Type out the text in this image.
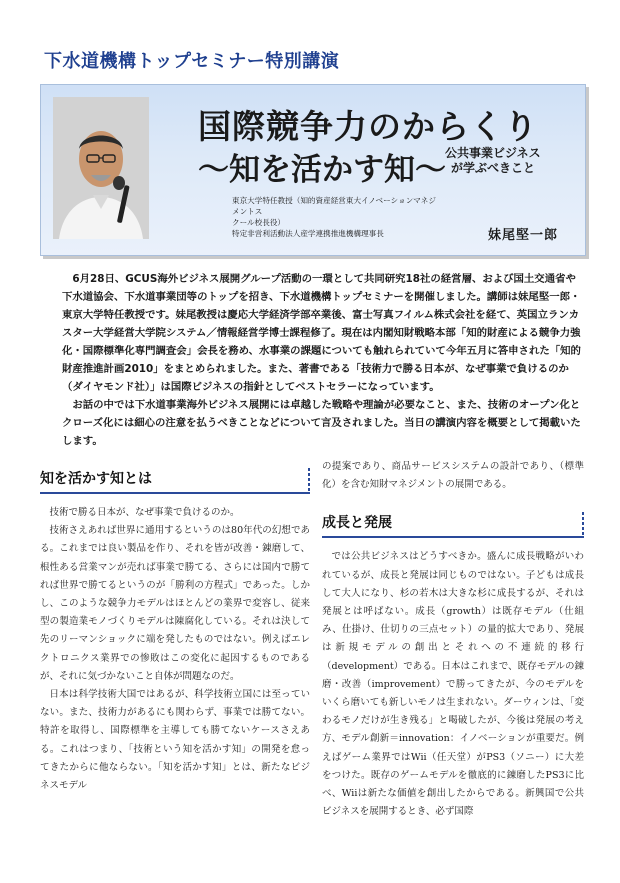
下水道機構トップセミナー特別講演
国際競争力のからくり
〜知を活かす知〜 公共事業ビジネス
が学ぶべきこと
東京大学特任教授（知的資産経営東大イノベーションマネジメントス
クール校長役）
特定非営利活動法人産学連携推進機構理事長	妹尾堅一郎

6月28日、GCUS海外ビジネス展開グループ活動の一環として共同研究18社の経営層、および国土交通省や下水道協会、下水道事業団等のトップを招き、下水道機構トップセミナーを開催しました。講師は妹尾堅一郎・東京大学特任教授です。妹尾教授は慶応大学経済学部卒業後、富士写真フイルム株式会社を経て、英国立ランカスター大学経営大学院システム／情報経営学博士課程修了。現在は内閣知財戦略本部「知的財産による競争力強化・国際標準化専門調査会」会長を務め、水事業の課題についても触れられていて今年五月に答申された「知的財産推進計画2010」をまとめられました。また、著書である「技術力で勝る日本が、なぜ事業で負けるのか（ダイヤモンド社）」は国際ビジネスの指針としてベストセラーになっています。

お話の中では下水道事業海外ビジネス展開には卓越した戦略や理論が必要なこと、また、技術のオープン化とクローズ化には細心の注意を払うべきことなどについて言及されました。当日の講演内容を概要として掲載いたします。

知を活かす知とは

技術で勝る日本が、なぜ事業で負けるのか。

技術さえあれば世界に通用するというのは80年代の幻想である。これまでは良い製品を作り、それを皆が改善・錬磨して、根性ある営業マンが売れば事業で勝てる、さらには国内で勝てれば世界で勝てるというのが「勝利の方程式」であった。しかし、このような競争力モデルはほとんどの業界で変容し、従来型の製造業モノづくりモデルは陳腐化している。それは決して先のリーマンショックに端を発したものではない。例えばエレクトロニクス業界での惨敗はこの変化に起因するものであるが、それに気づかないこと自体が問題なのだ。

日本は科学技術大国ではあるが、科学技術立国には至っていない。また、技術力があるにも関わらず、事業では勝てない。特許を取得し、国際標準を主導しても勝てないケースさえある。これはつまり、「技術という知を活かす知」の開発を怠ってきたからに他ならない。「知を活かす知」とは、新たなビジネスモデル

の提案であり、商品サービスシステムの設計であり、（標準化）を含む知財マネジメントの展開である。

成長と発展

では公共ビジネスはどうすべきか。盛んに成長戦略がいわれているが、成長と発展は同じものではない。子どもは成長して大人になり、杉の若木は大きな杉に成長するが、それは発展とは呼ばない。成長（growth）は既存モデル（仕組み、仕掛け、仕切りの三点セット）の量的拡大であり、発展は新規モデルの創出とそれへの不連続的移行（development）である。日本はこれまで、既存モデルの錬磨・改善（improvement）で勝ってきたが、今のモデルをいくら磨いても新しいモノは生まれない。ダーウィンは、「変わるモノだけが生き残る」と喝破したが、今後は発展の考え方、モデル創新＝innovation：イノベーションが重要だ。例えばゲーム業界ではWii（任天堂）がPS3（ソニー）に大差をつけた。既存のゲームモデルを徹底的に錬磨したPS3に比べ、Wiiは新たな価値を創出したからである。新興国で公共ビジネスを展開するとき、必ず国際
